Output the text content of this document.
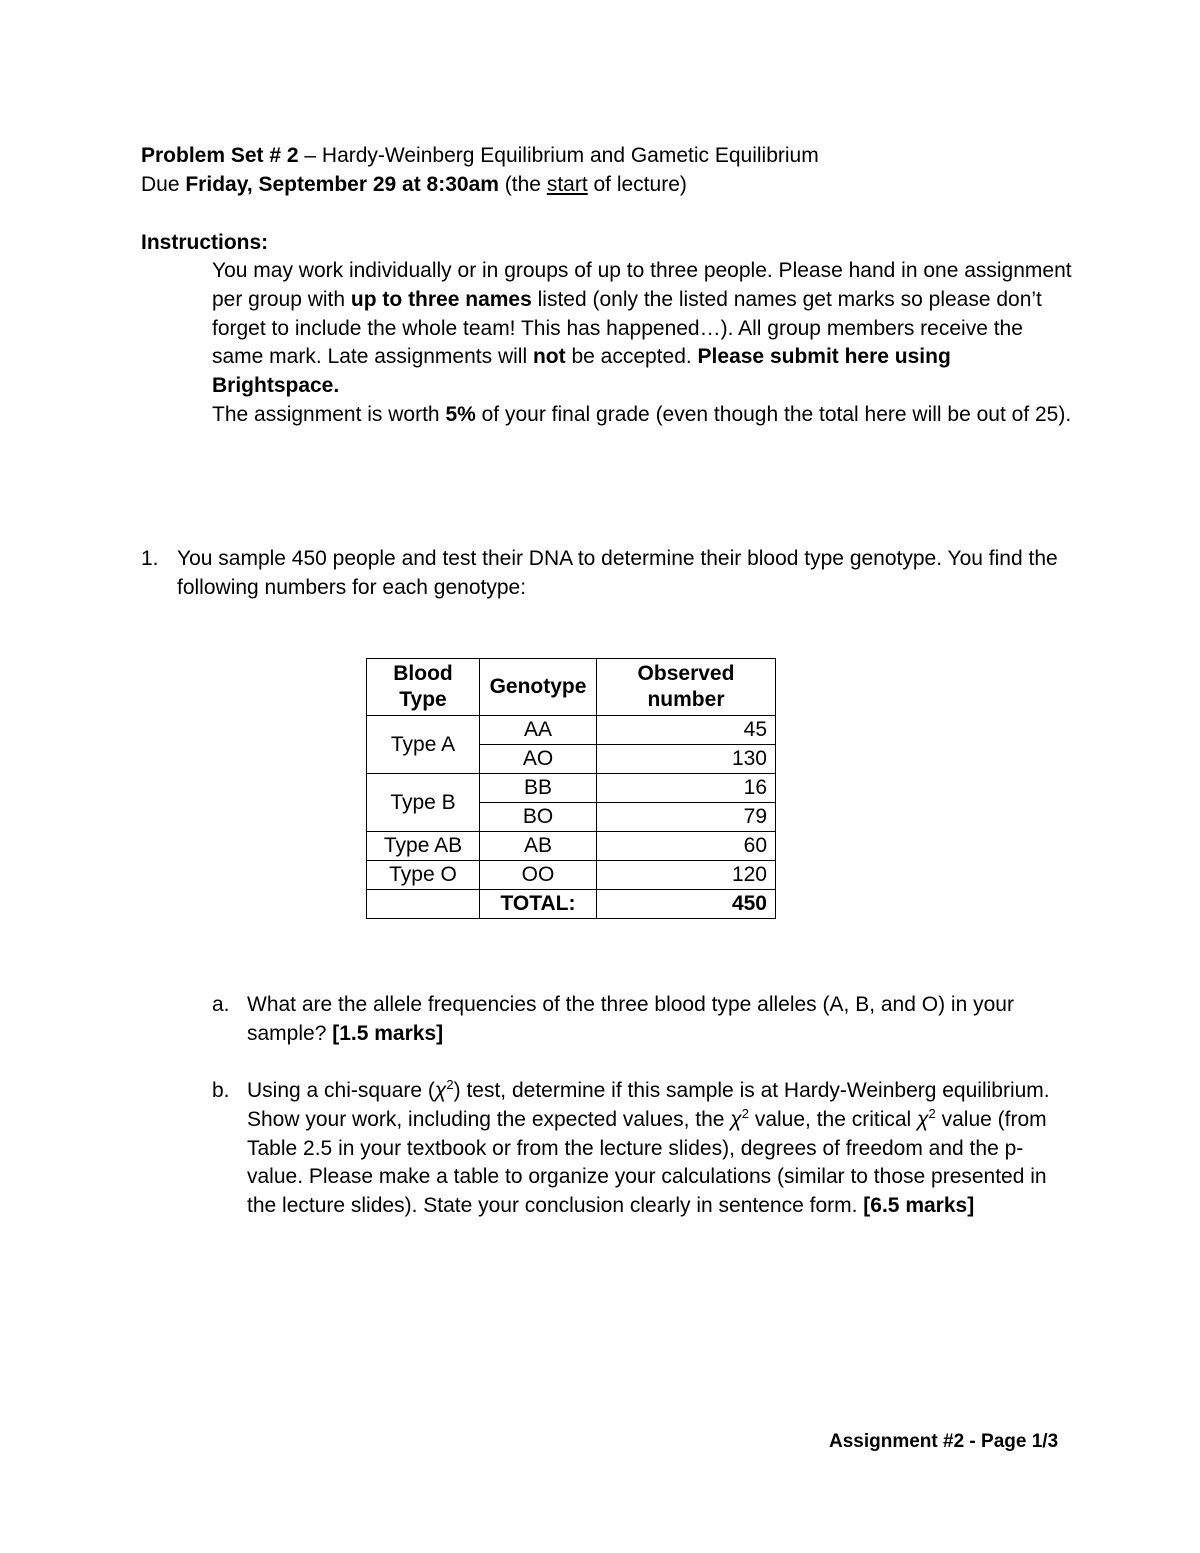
Problem Set # 2 – Hardy-Weinberg Equilibrium and Gametic Equilibrium
Due Friday, September 29 at 8:30am (the start of lecture)
Instructions:
You may work individually or in groups of up to three people. Please hand in one assignment per group with up to three names listed (only the listed names get marks so please don’t forget to include the whole team! This has happened…). All group members receive the same mark. Late assignments will not be accepted. Please submit here using Brightspace.
The assignment is worth 5% of your final grade (even though the total here will be out of 25).
1. You sample 450 people and test their DNA to determine their blood type genotype. You find the following numbers for each genotype:
Blood Type	Genotype	Observed number
Type A	AA	45
	AO	130
Type B	BB	16
	BO	79
Type AB	AB	60
Type O	OO	120
	TOTAL:	450
a. What are the allele frequencies of the three blood type alleles (A, B, and O) in your sample? [1.5 marks]
b. Using a chi-square $(\chi^2)$ test, determine if this sample is at Hardy-Weinberg equilibrium. Show your work, including the expected values, the $\chi^2$ value, the critical $\chi^2$ value (from Table 2.5 in your textbook or from the lecture slides), degrees of freedom and the p-value. Please make a table to organize your calculations (similar to those presented in the lecture slides). State your conclusion clearly in sentence form. [6.5 marks]
Assignment #2 - Page 1/3
